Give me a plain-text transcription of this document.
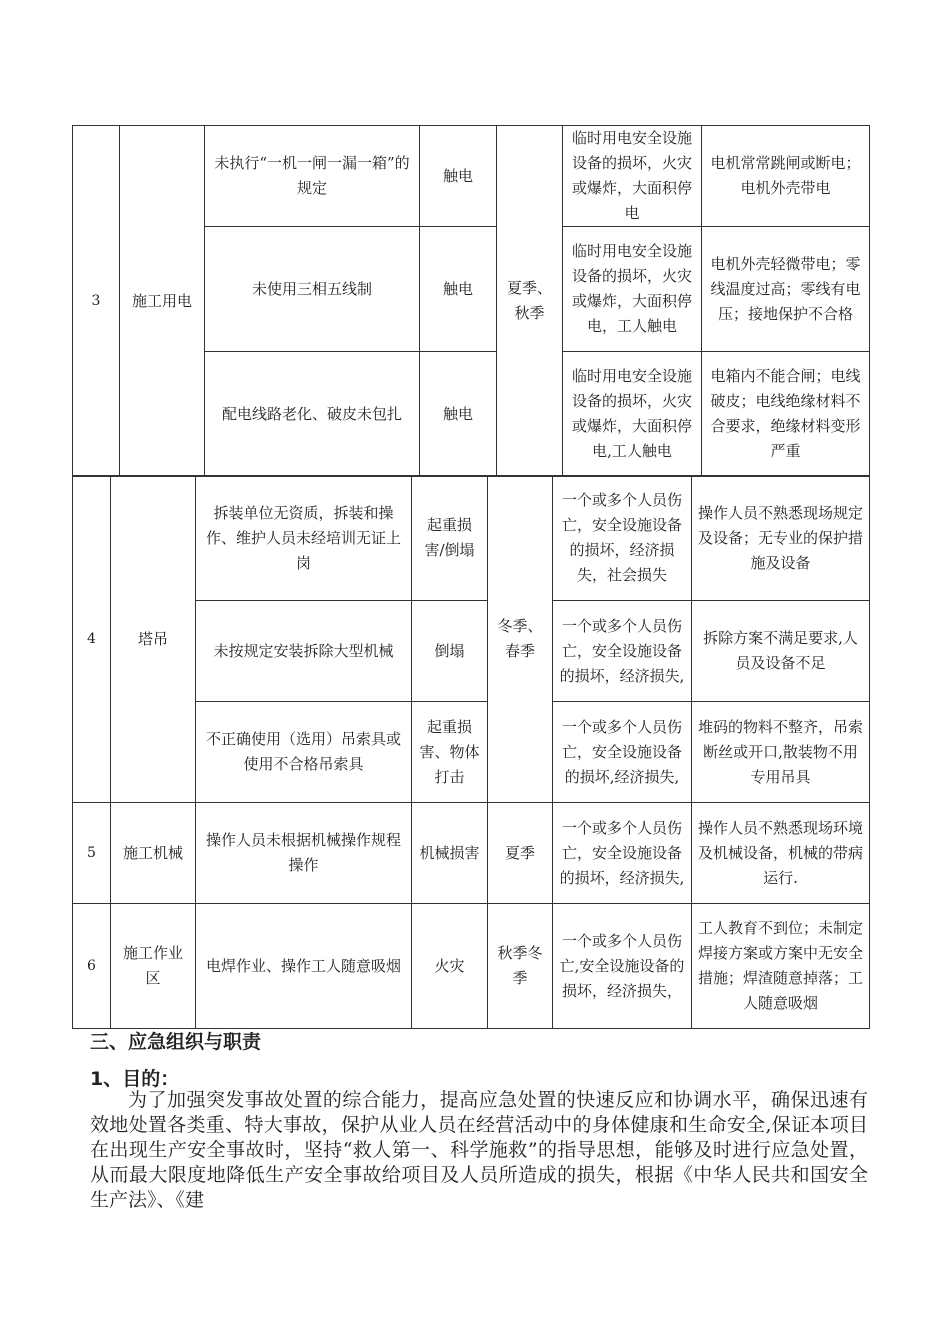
3	施工用电	未执行“一机一闸一漏一箱”的规定	触电	夏季、秋季	临时用电安全设施设备的损坏，火灾或爆炸，大面积停电	电机常常跳闸或断电；电机外壳带电
		未使用三相五线制	触电		临时用电安全设施设备的损坏，火灾或爆炸，大面积停电，工人触电	电机外壳轻微带电；零线温度过高；零线有电压；接地保护不合格
		配电线路老化、破皮未包扎	触电		临时用电安全设施设备的损坏，火灾或爆炸，大面积停电,工人触电	电箱内不能合闸；电线破皮；电线绝缘材料不合要求，绝缘材料变形严重
4	塔吊	拆装单位无资质，拆装和操作、维护人员未经培训无证上岗	起重损害/倒塌	冬季、春季	一个或多个人员伤亡，安全设施设备的损坏，经济损失，社会损失	操作人员不熟悉现场规定及设备；无专业的保护措施及设备
		未按规定安装拆除大型机械	倒塌		一个或多个人员伤亡，安全设施设备的损坏，经济损失,	拆除方案不满足要求,人员及设备不足
		不正确使用（选用）吊索具或使用不合格吊索具	起重损害、物体打击		一个或多个人员伤亡，安全设施设备的损坏,经济损失,	堆码的物料不整齐，吊索断丝或开口,散装物不用专用吊具
5	施工机械	操作人员未根据机械操作规程操作	机械损害	夏季	一个或多个人员伤亡，安全设施设备的损坏，经济损失,	操作人员不熟悉现场环境及机械设备，机械的带病运行.
6	施工作业区	电焊作业、操作工人随意吸烟	火灾	秋季冬季	一个或多个人员伤亡,安全设施设备的损坏，经济损失，	工人教育不到位；未制定焊接方案或方案中无安全措施；焊渣随意掉落；工人随意吸烟
三、应急组织与职责
1、目的：

为了加强突发事故处置的综合能力，提高应急处置的快速反应和协调水平，确保迅速有效地处置各类重、特大事故，保护从业人员在经营活动中的身体健康和生命安全,保证本项目在出现生产安全事故时，坚持“救人第一、科学施救”的指导思想，能够及时进行应急处置，从而最大限度地降低生产安全事故给项目及人员所造成的损失，根据《中华人民共和国安全生产法》、《建
